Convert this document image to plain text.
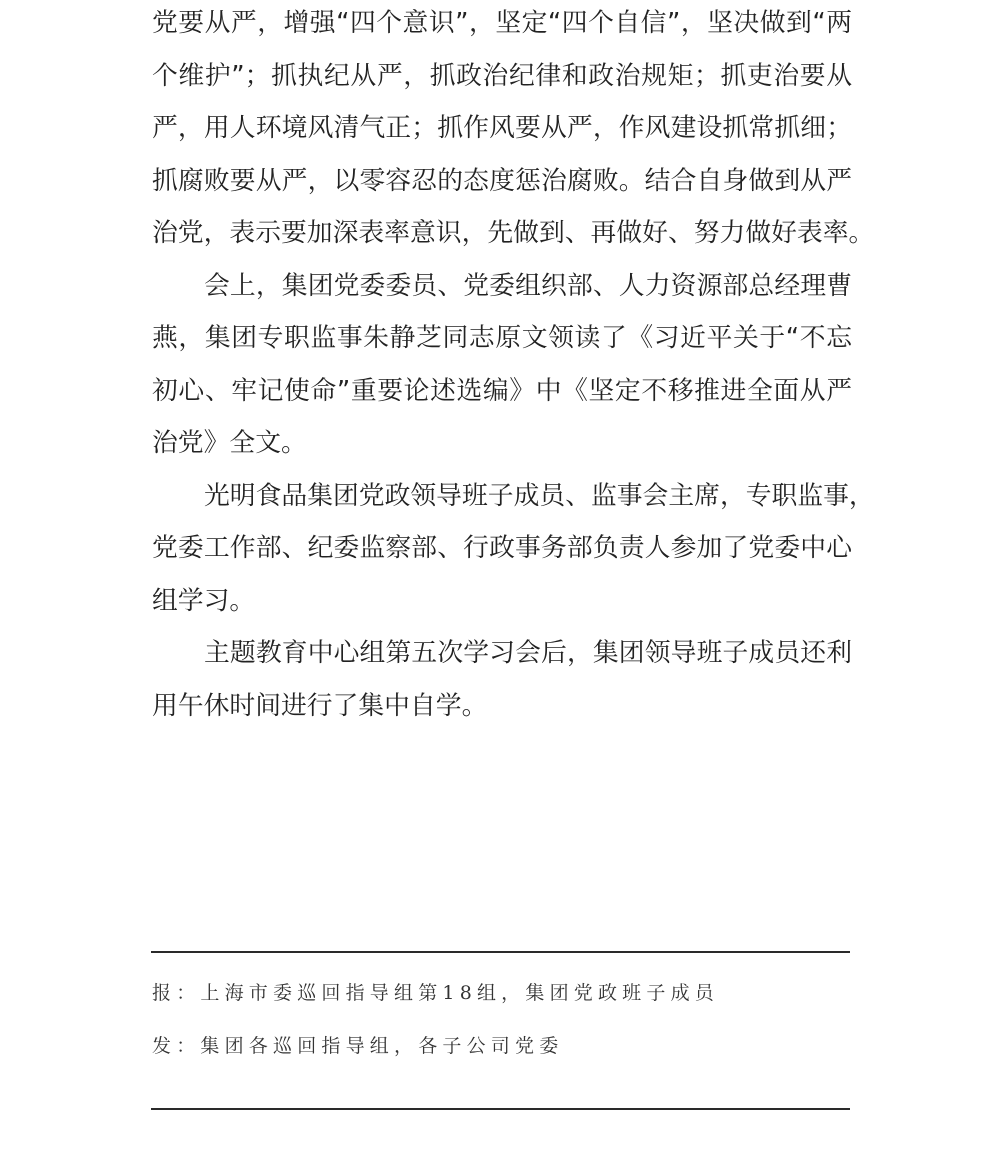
党要从严，增强“四个意识”，坚定“四个自信”，坚决做到“两
个维护”；抓执纪从严，抓政治纪律和政治规矩；抓吏治要从
严，用人环境风清气正；抓作风要从严，作风建设抓常抓细；
抓腐败要从严，以零容忍的态度惩治腐败。结合自身做到从严
治党，表示要加深表率意识，先做到、再做好、努力做好表率。
会上，集团党委委员、党委组织部、人力资源部总经理曹
燕，集团专职监事朱静芝同志原文领读了《习近平关于“不忘
初心、牢记使命”重要论述选编》中《坚定不移推进全面从严
治党》全文。
光明食品集团党政领导班子成员、监事会主席，专职监事，
党委工作部、纪委监察部、行政事务部负责人参加了党委中心
组学习。
主题教育中心组第五次学习会后，集团领导班子成员还利
用午休时间进行了集中自学。
报：上海市委巡回指导组第18组，集团党政班子成员
发：集团各巡回指导组，各子公司党委
